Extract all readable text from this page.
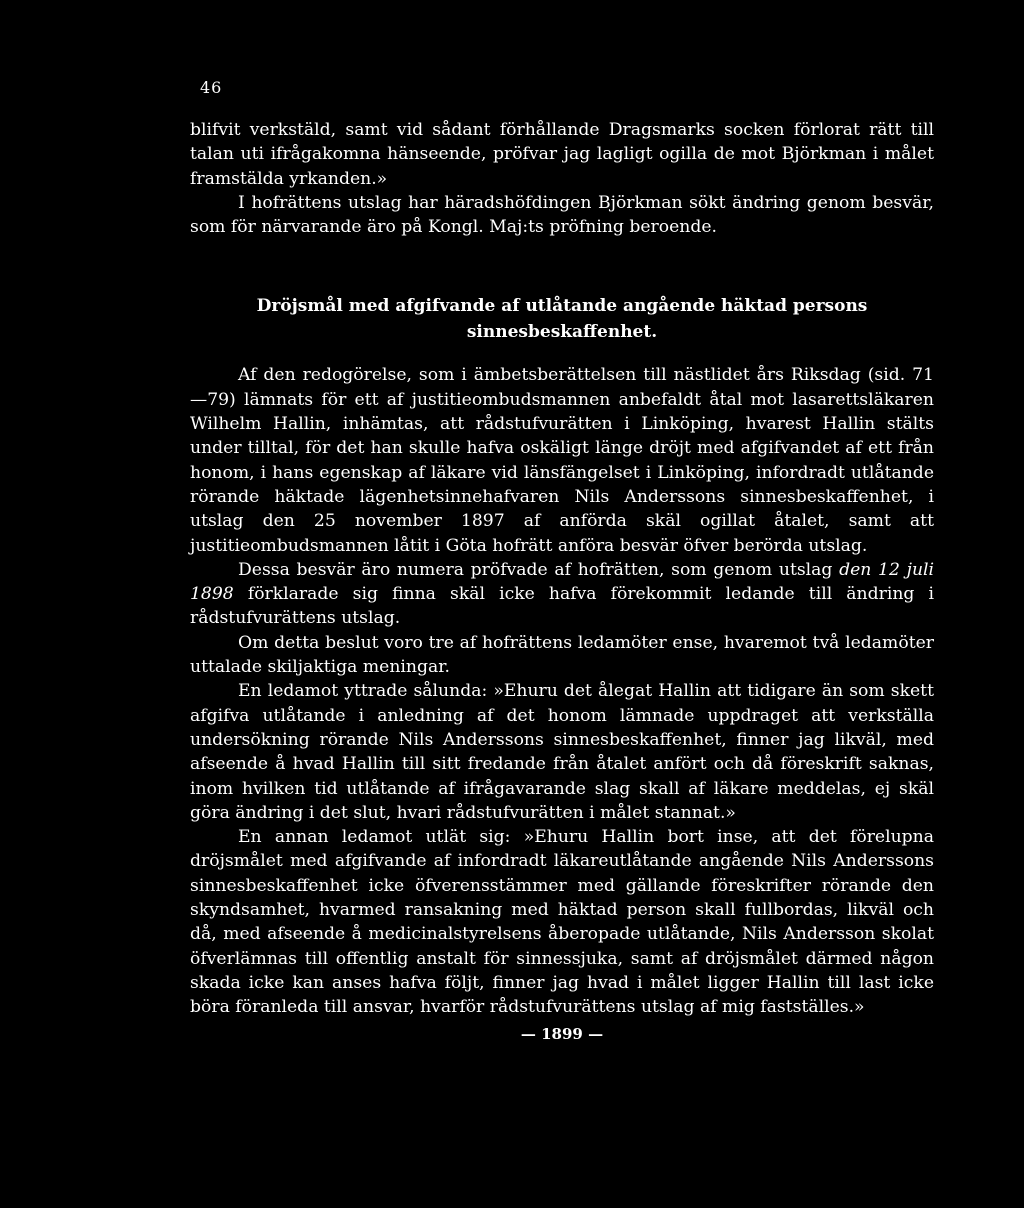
46

blifvit verkstäld, samt vid sådant förhållande Dragsmarks socken förlorat rätt till talan uti ifrågakomna hänseende, pröfvar jag lagligt ogilla de mot Björkman i målet framstälda yrkanden.»

I hofrättens utslag har häradshöfdingen Björkman sökt ändring genom besvär, som för närvarande äro på Kongl. Maj:ts pröfning beroende.

Dröjsmål med afgifvande af utlåtande angående häktad persons
sinnesbeskaffenhet.

Af den redogörelse, som i ämbetsberättelsen till nästlidet års Riksdag (sid. 71—79) lämnats för ett af justitieombudsmannen anbefaldt åtal mot lasarettsläkaren Wilhelm Hallin, inhämtas, att rådstufvurätten i Linköping, hvarest Hallin stälts under tilltal, för det han skulle hafva oskäligt länge dröjt med afgifvandet af ett från honom, i hans egenskap af läkare vid länsfängelset i Linköping, infordradt utlåtande rörande häktade lägenhetsinnehafvaren Nils Anderssons sinnesbeskaffenhet, i utslag den 25 november 1897 af anförda skäl ogillat åtalet, samt att justitieombudsmannen låtit i Göta hofrätt anföra besvär öfver berörda utslag.

Dessa besvär äro numera pröfvade af hofrätten, som genom utslag den 12 juli 1898 förklarade sig finna skäl icke hafva förekommit ledande till ändring i rådstufvurättens utslag.

Om detta beslut voro tre af hofrättens ledamöter ense, hvaremot två ledamöter uttalade skiljaktiga meningar.

En ledamot yttrade sålunda: »Ehuru det ålegat Hallin att tidigare än som skett afgifva utlåtande i anledning af det honom lämnade uppdraget att verkställa undersökning rörande Nils Anderssons sinnesbeskaffenhet, finner jag likväl, med afseende å hvad Hallin till sitt fredande från åtalet anfört och då föreskrift saknas, inom hvilken tid utlåtande af ifrågavarande slag skall af läkare meddelas, ej skäl göra ändring i det slut, hvari rådstufvurätten i målet stannat.»

En annan ledamot utlät sig: »Ehuru Hallin bort inse, att det förelupna dröjsmålet med afgifvande af infordradt läkareutlåtande angående Nils Anderssons sinnesbeskaffenhet icke öfverensstämmer med gällande föreskrifter rörande den skyndsamhet, hvarmed ransakning med häktad person skall fullbordas, likväl och då, med afseende å medicinalstyrelsens åberopade utlåtande, Nils Andersson skolat öfverlämnas till offentlig anstalt för sinnessjuka, samt af dröjsmålet därmed någon skada icke kan anses hafva följt, finner jag hvad i målet ligger Hallin till last icke böra föranleda till ansvar, hvarför rådstufvurättens utslag af mig fastställes.»

— 1899 —
